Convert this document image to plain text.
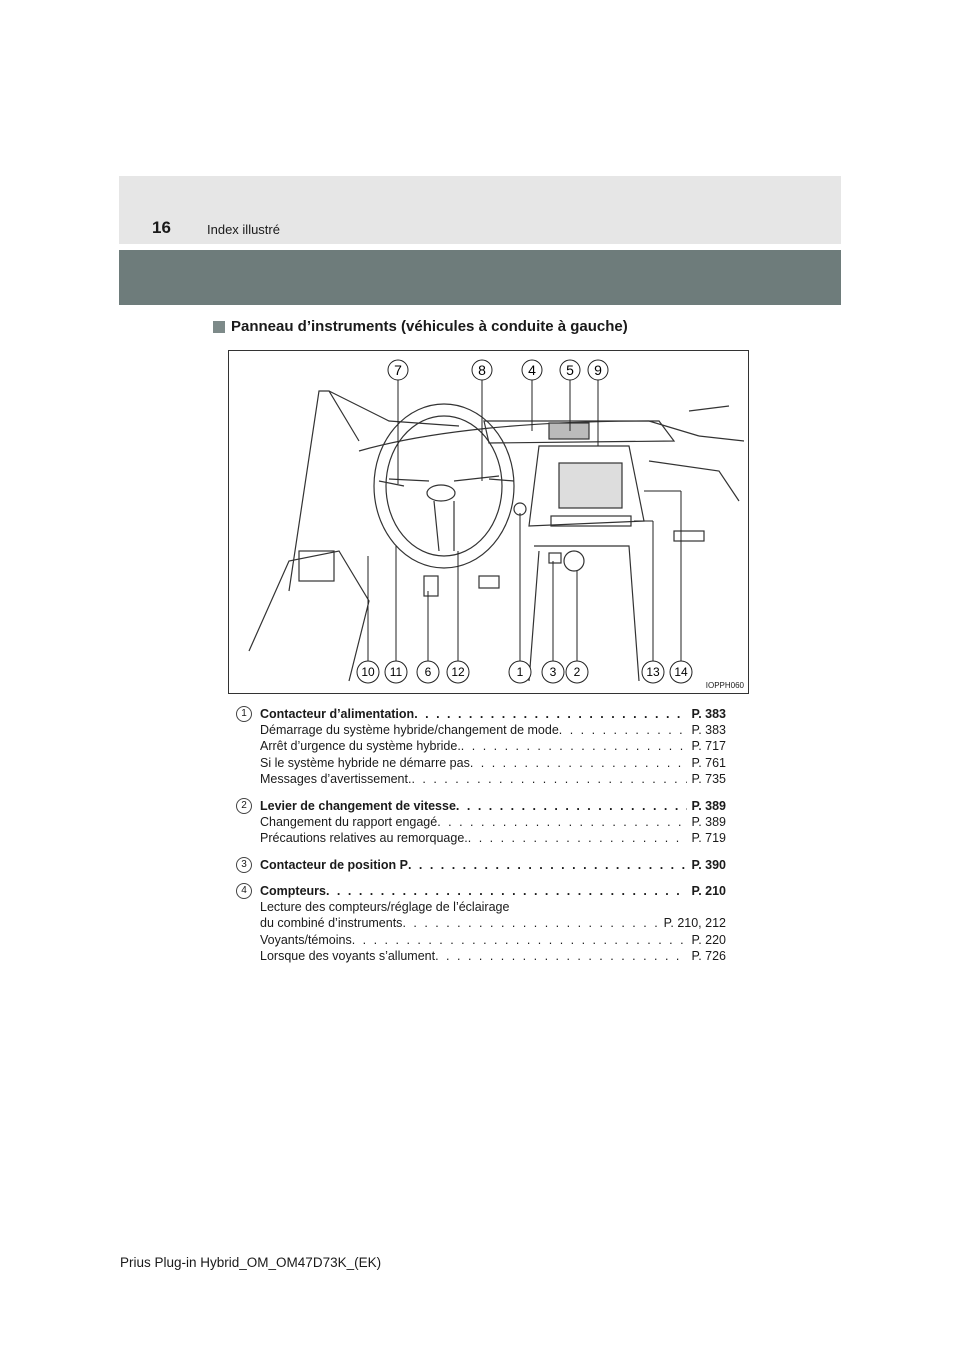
16	Index illustré
Panneau d’instruments (véhicules à conduite à gauche)
7	8	4 5 9
10 11 6 12	1 3 2	13 14
IOPPH060
1	Contacteur d’alimentation . . .	P. 383
Démarrage du système hybride/changement de mode . . .	P. 383
Arrêt d’urgence du système hybride. . . .	P. 717
Si le système hybride ne démarre pas . . .	P. 761
Messages d’avertissement. . . .	P. 735
2	Levier de changement de vitesse . . .	P. 389
Changement du rapport engagé . . .	P. 389
Précautions relatives au remorquage. . . .	P. 719
3	Contacteur de position P . . .	P. 390
4	Compteurs . . .	P. 210
Lecture des compteurs/réglage de l’éclairage
du combiné d’instruments . . .	P. 210, 212
Voyants/témoins . . .	P. 220
Lorsque des voyants s’allument . . .	P. 726
Prius Plug-in Hybrid_OM_OM47D73K_(EK)
